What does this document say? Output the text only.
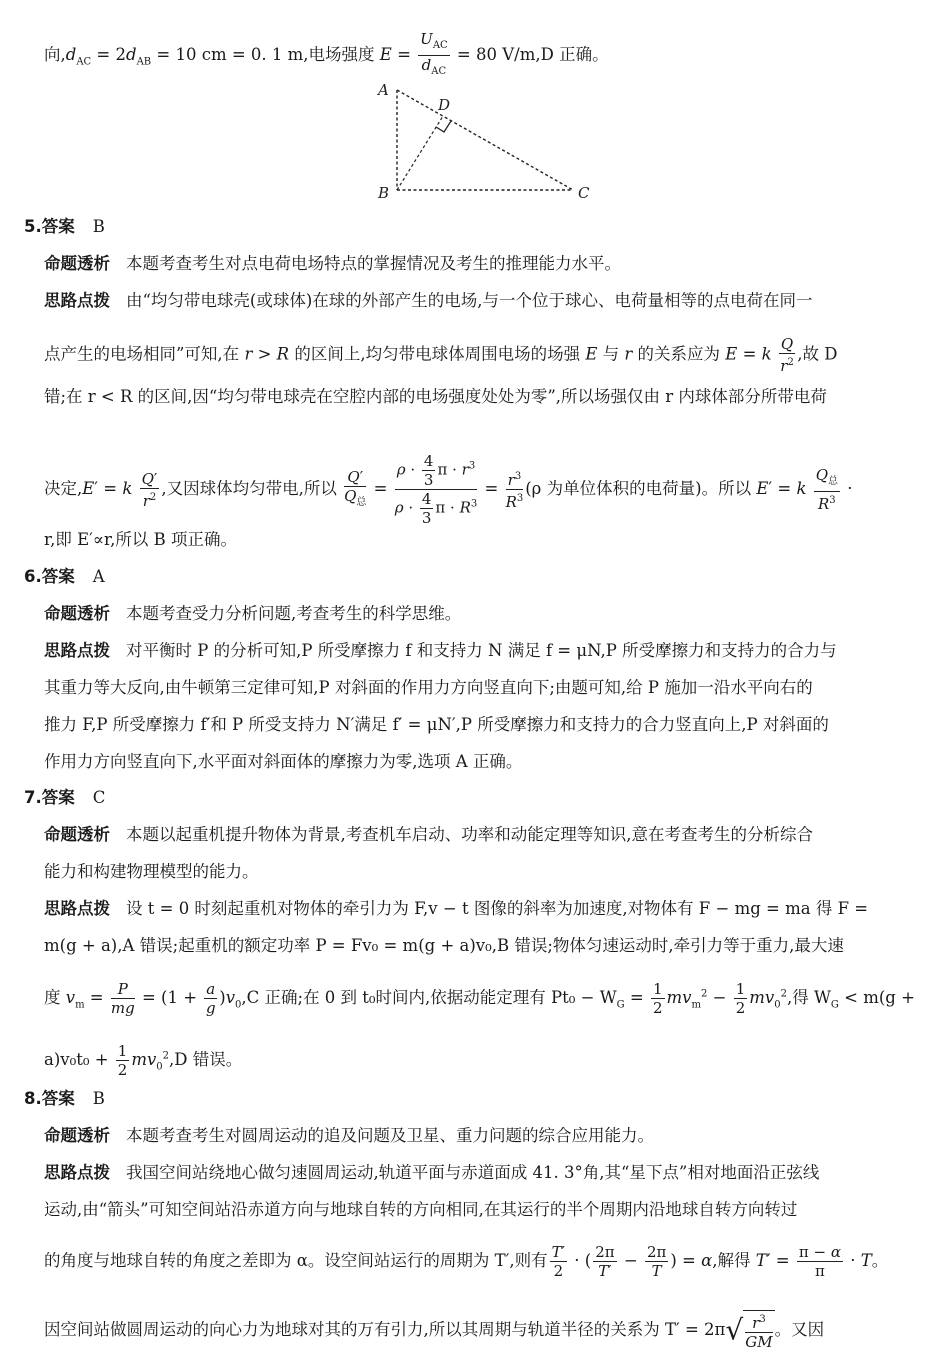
向$,d_{AC} = 2d_{AB} = 10$ cm = 0. 1 m,电场强度 $E = \frac{U_{AC}}{d_{AC}} = 80$ V/m,D 正确。
A
D
B	C
5.答案 B
命题透析 本题考查考生对点电荷电场特点的掌握情况及考生的推理能力水平。
思路点拨 由“均匀带电球壳(或球体)在球的外部产生的电场,与一个位于球心、电荷量相等的点电荷在同一
点产生的电场相同”可知,在 r > R 的区间上,均匀带电球体周围电场的场强 E 与 r 的关系应为 E = k $\frac{Q}{r^2}$ ,故 D
错;在 r < R 的区间,因“均匀带电球壳在空腔内部的电场强度处处为零”,所以场强仅由 r 内球体部分所带电荷
决定,E′ = k $\frac{Q'}{r^2}$ ,又因球体均匀带电,所以 $\frac{Q'}{Q_总} = \frac{\rho \cdot \frac{4}{3} \pi \cdot r^3}{\rho \cdot \frac{4}{3} \pi \cdot R^3} = \frac{r^3}{R^3} (\rho$ 为单位体积的电荷量)。所以 E′ = k $\frac{Q_总}{R^3}$ ·
r,即 E′∝r,所以 B 项正确。
6.答案 A
命题透析 本题考查受力分析问题,考查考生的科学思维。
思路点拨 对平衡时 P 的分析可知,P 所受摩擦力 f 和支持力 N 满足 f = μN,P 所受摩擦力和支持力的合力与
其重力等大反向,由牛顿第三定律可知,P 对斜面的作用力方向竖直向下;由题可知,给 P 施加一沿水平向右的
推力 F,P 所受摩擦力 f′和 P 所受支持力 N′满足 f′ = μN′,P 所受摩擦力和支持力的合力竖直向上,P 对斜面的
作用力方向竖直向下,水平面对斜面体的摩擦力为零,选项 A 正确。
7.答案 C
命题透析 本题以起重机提升物体为背景,考查机车启动、功率和动能定理等知识,意在考查考生的分析综合
能力和构建物理模型的能力。
思路点拨 设 t = 0 时刻起重机对物体的牵引力为 F,v − t 图像的斜率为加速度,对物体有 F − mg = ma 得 F =
m(g + a),A 错误;起重机的额定功率 P = Fv₀ = m(g + a)v₀,B 错误;物体匀速运动时,牵引力等于重力,最大速
度 $v_m = \frac{P}{mg} = (1 + \frac{a}{g} )v_0,C$ 正确;在 0 到 t₀时间内,依据动能定理有 $Pt_0 - W_G = \frac{1}{2} mv_m^2 - \frac{1}{2} mv_0^2$,得 $W_G < m(g$ +
$a)v_0t_0 + \frac{1}{2} mv_0^2,D$ 错误。
8.答案 B
命题透析 本题考查考生对圆周运动的追及问题及卫星、重力问题的综合应用能力。
思路点拨 我国空间站绕地心做匀速圆周运动,轨道平面与赤道面成 41. 3°角,其“星下点”相对地面沿正弦线
运动,由“箭头”可知空间站沿赤道方向与地球自转的方向相同,在其运行的半个周期内沿地球自转方向转过
的角度与地球自转的角度之差即为 α。设空间站运行的周期为 T′,则有 $\frac{T'}{2}$ · ( $\frac{2\pi}{T'} - \frac{2\pi}{T}$ ) = α,解得 $T' = \frac{\pi - \alpha}{\pi} \cdot T$。
因空间站做圆周运动的向心力为地球对其的万有引力,所以其周期与轨道半径的关系为 $T' = 2\pi√ \frac{r^3}{GM}$ 。又因
